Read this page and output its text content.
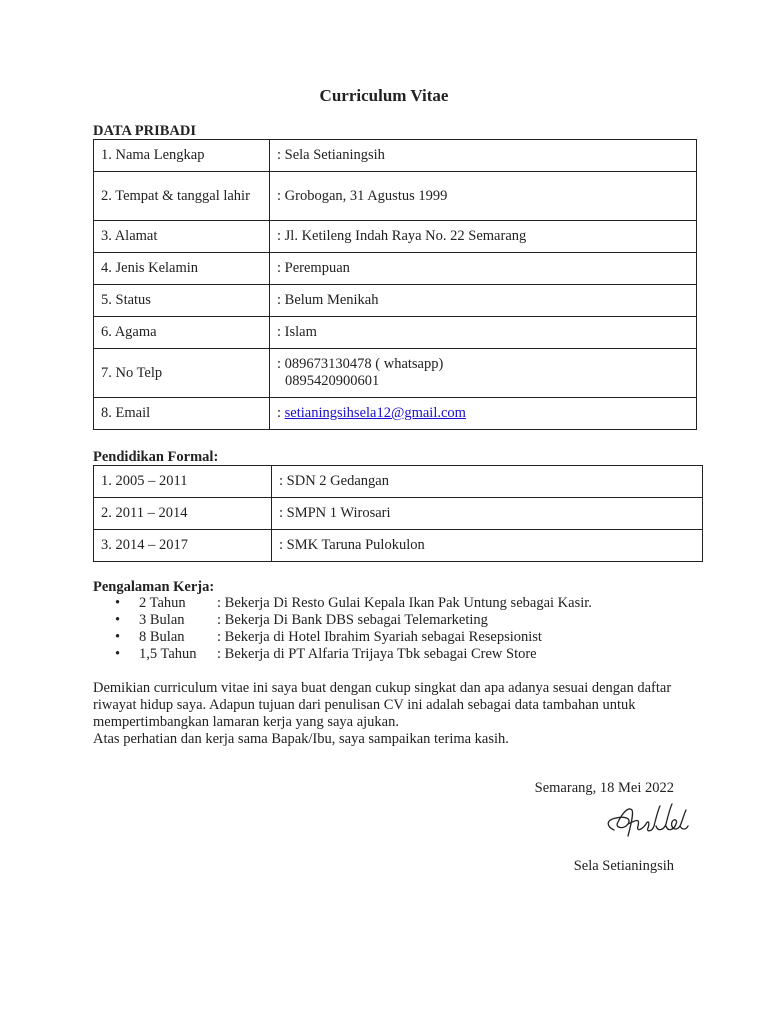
Curriculum Vitae
DATA PRIBADI
1. Nama Lengkap	: Sela Setianingsih
2. Tempat & tanggal lahir	: Grobogan, 31 Agustus 1999
3. Alamat	: Jl. Ketileng Indah Raya No. 22 Semarang
4. Jenis Kelamin	: Perempuan
5. Status	: Belum Menikah
6. Agama	: Islam
7. No Telp	: 089673130478 ( whatsapp)
0895420900601

8. Email	: setianingsihsela12@gmail.com
Pendidikan Formal:
1. 2005 – 2011	: SDN 2 Gedangan
2. 2011 – 2014	: SMPN 1 Wirosari
3. 2014 – 2017	: SMK Taruna Pulokulon
Pengalaman Kerja:
• 2 Tahun : Bekerja Di Resto Gulai Kepala Ikan Pak Untung sebagai Kasir.
• 3 Bulan : Bekerja Di Bank DBS sebagai Telemarketing
• 8 Bulan : Bekerja di Hotel Ibrahim Syariah sebagai Resepsionist
• 1,5 Tahun : Bekerja di PT Alfaria Trijaya Tbk sebagai Crew Store

Demikian curriculum vitae ini saya buat dengan cukup singkat dan apa adanya sesuai dengan daftar riwayat hidup saya. Adapun tujuan dari penulisan CV ini adalah sebagai data tambahan untuk mempertimbangkan lamaran kerja yang saya ajukan.

Atas perhatian dan kerja sama Bapak/Ibu, saya sampaikan terima kasih.

Semarang, 18 Mei 2022
Sela Setianingsih
